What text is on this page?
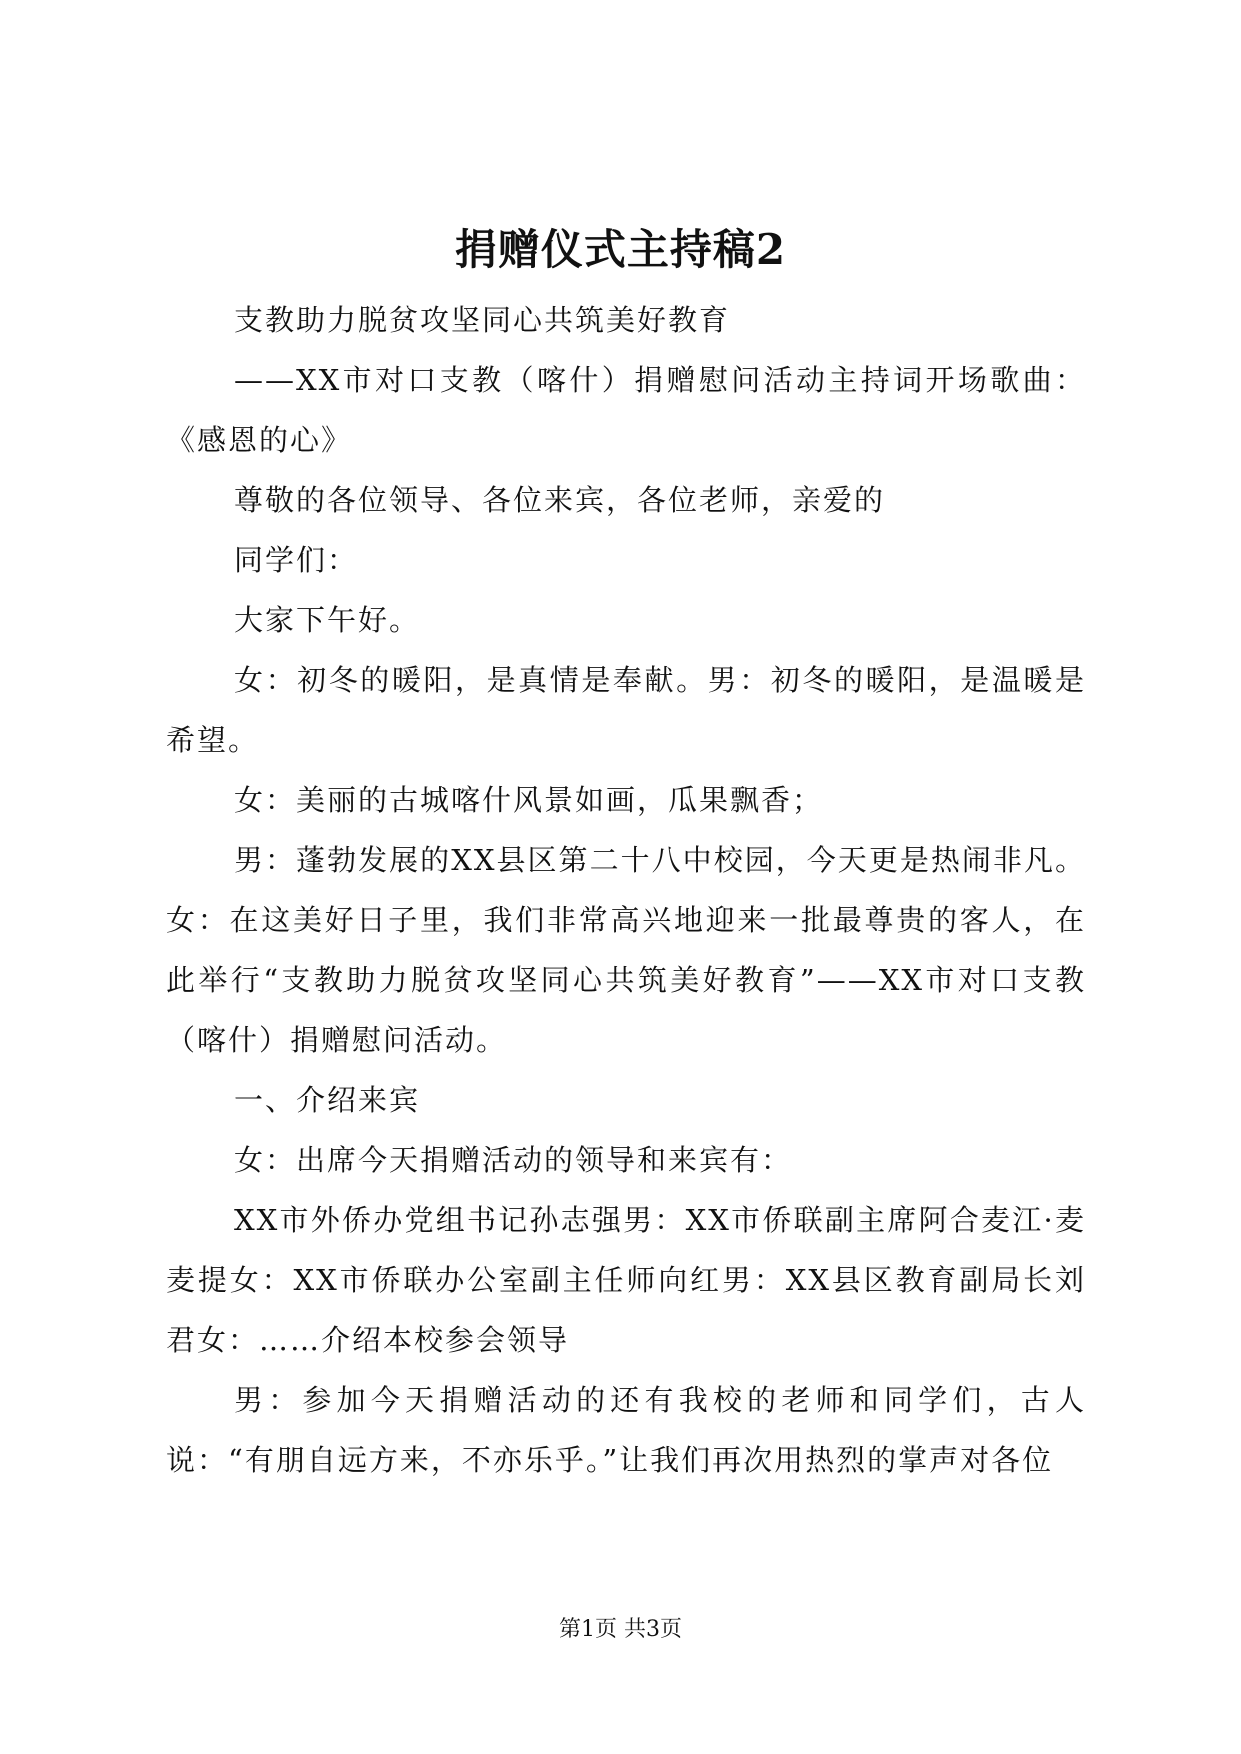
捐赠仪式主持稿2

支教助力脱贫攻坚同心共筑美好教育

——XX市对口支教（喀什）捐赠慰问活动主持词开场歌曲：《感恩的心》

尊敬的各位领导、各位来宾，各位老师，亲爱的

同学们：

大家下午好。

女：初冬的暖阳，是真情是奉献。男：初冬的暖阳，是温暖是希望。

女：美丽的古城喀什风景如画，瓜果飘香；

男：蓬勃发展的XX县区第二十八中校园，今天更是热闹非凡。女：在这美好日子里，我们非常高兴地迎来一批最尊贵的客人，在此举行“支教助力脱贫攻坚同心共筑美好教育”——XX市对口支教（喀什）捐赠慰问活动。

一、介绍来宾

女：出席今天捐赠活动的领导和来宾有：

XX市外侨办党组书记孙志强男：XX市侨联副主席阿合麦江·麦麦提女：XX市侨联办公室副主任师向红男：XX县区教育副局长刘君女：……介绍本校参会领导

男：参加今天捐赠活动的还有我校的老师和同学们，古人说：“有朋自远方来，不亦乐乎。”让我们再次用热烈的掌声对各位

第1页 共3页
